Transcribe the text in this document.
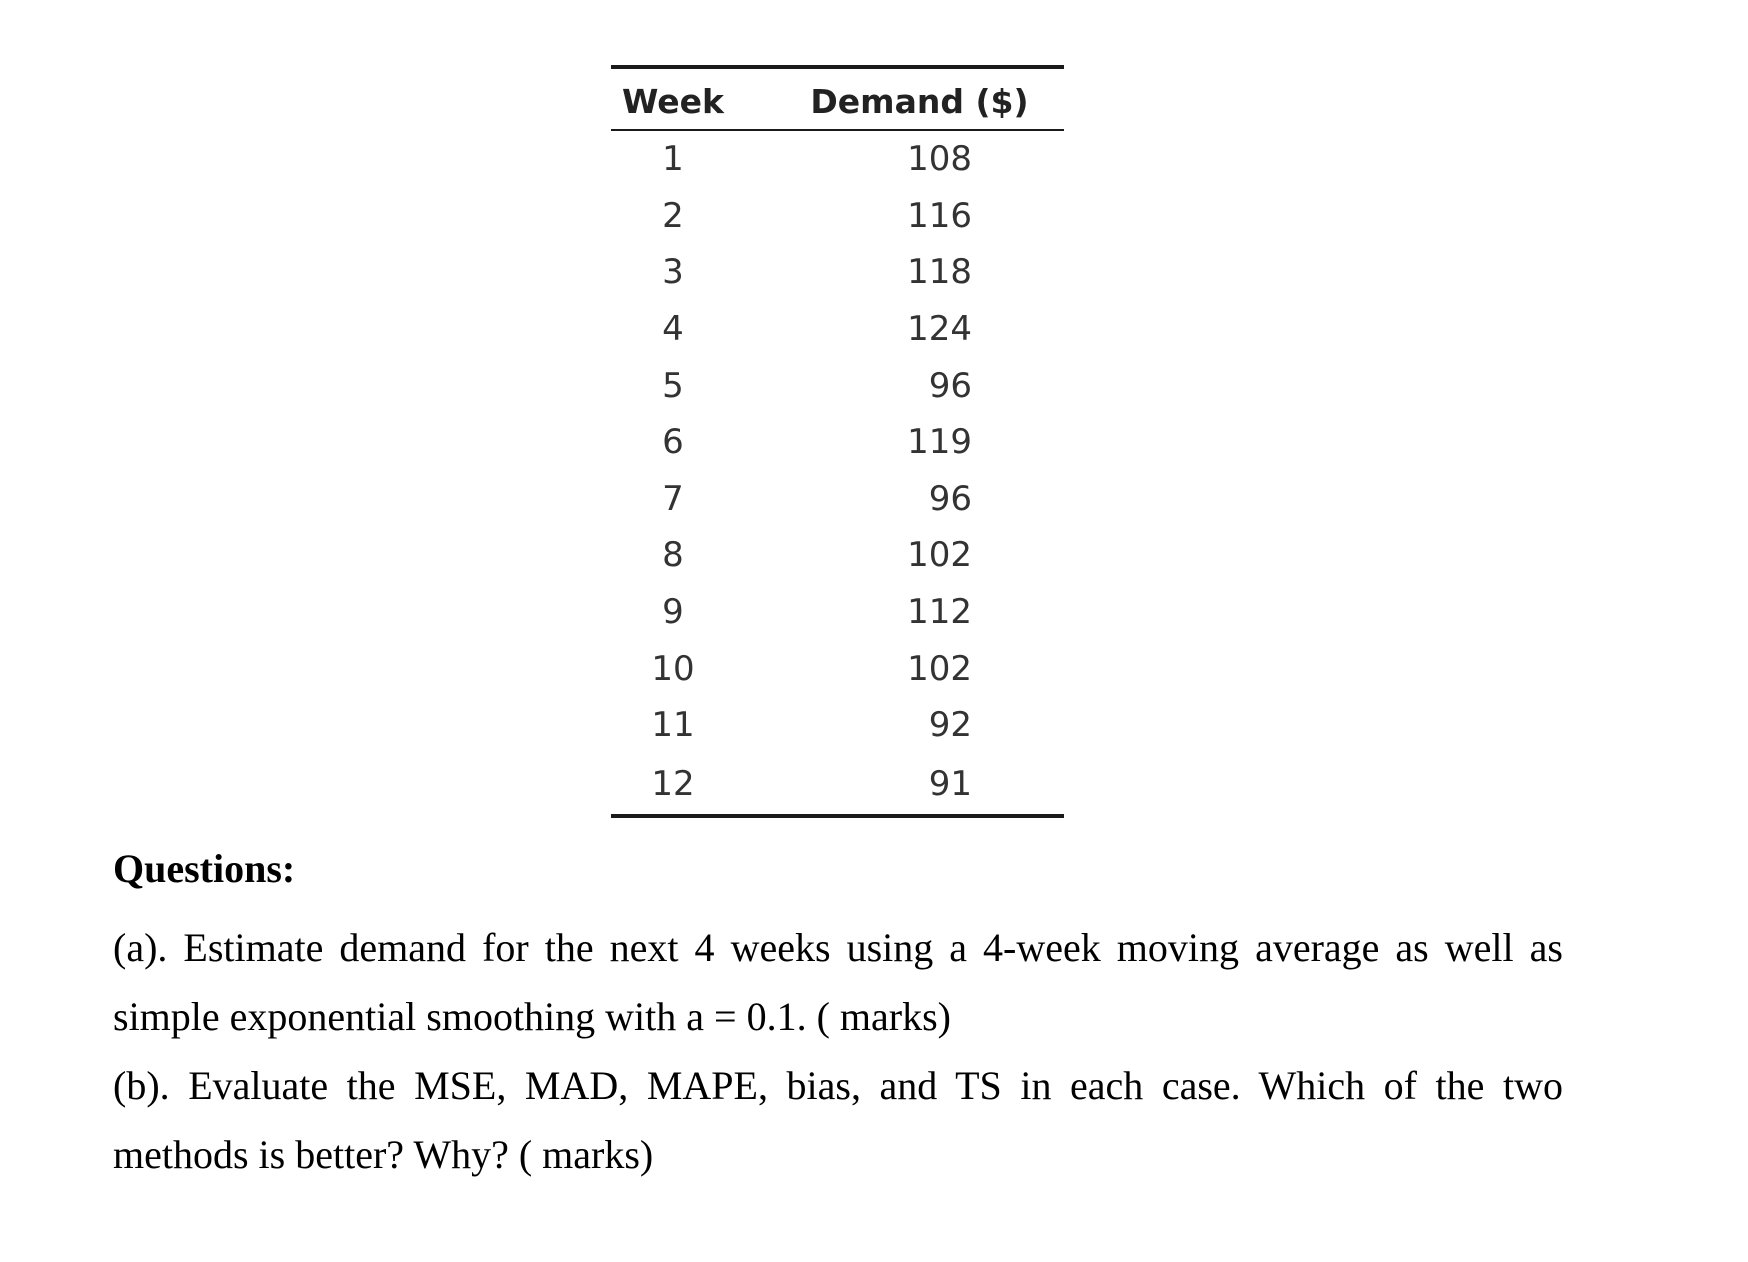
Week	Demand ($)
1	108
2	116
3	118
4	124
5	96
6	119
7	96
8	102
9	112
10	102
11	92
12	91

Questions:

(a). Estimate demand for the next 4 weeks using a 4-week moving average as well as simple exponential smoothing with a = 0.1. ( marks)

(b). Evaluate the MSE, MAD, MAPE, bias, and TS in each case. Which of the two methods is better? Why? ( marks)
